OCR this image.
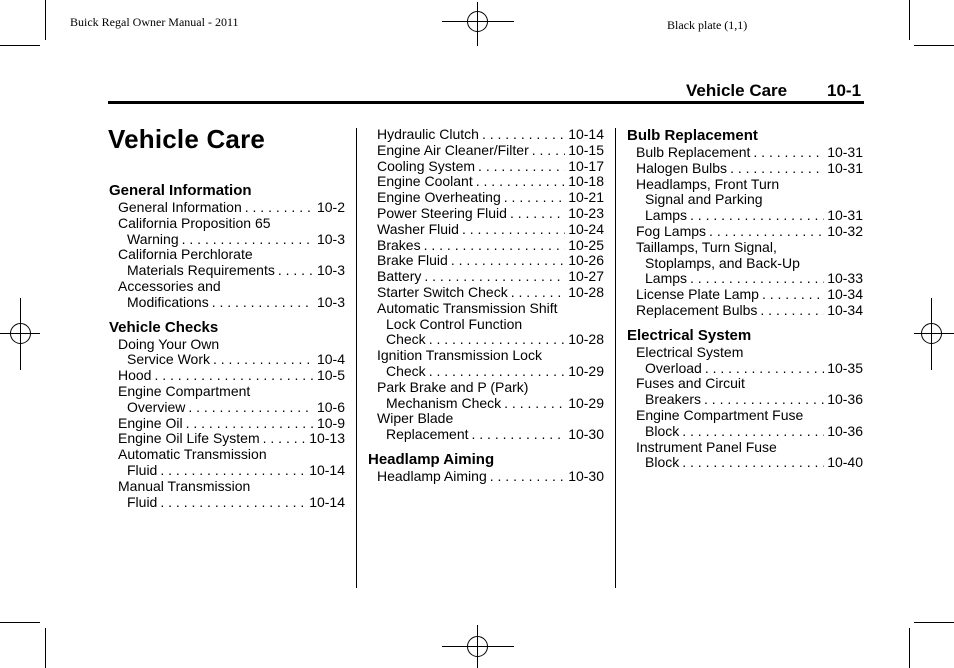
Buick Regal Owner Manual - 2011	Black plate (1,1)
Vehicle Care 10-1
Vehicle Care
General Information
General Information . . .	10-2
California Proposition 65
Warning . . .	10-3
California Perchlorate
Materials Requirements . . .	10-3
Accessories and
Modifications . . .	10-3
Vehicle Checks
Doing Your Own
Service Work . . .	10-4
Hood . . .	10-5
Engine Compartment
Overview . . .	10-6
Engine Oil . . .	10-9
Engine Oil Life System . . .	10-13
Automatic Transmission
Fluid . . .	10-14
Manual Transmission
Fluid . . .	10-14
Hydraulic Clutch . . .	10-14
Engine Air Cleaner/Filter . . .	10-15
Cooling System . . .	10-17
Engine Coolant . . .	10-18
Engine Overheating . . .	10-21
Power Steering Fluid . . .	10-23
Washer Fluid . . .	10-24
Brakes . . .	10-25
Brake Fluid . . .	10-26
Battery . . .	10-27
Starter Switch Check . . .	10-28
Automatic Transmission Shift
Lock Control Function
Check . . .	10-28
Ignition Transmission Lock
Check . . .	10-29
Park Brake and P (Park)
Mechanism Check . . .	10-29
Wiper Blade
Replacement . . .	10-30
Headlamp Aiming
Headlamp Aiming . . .	10-30
Bulb Replacement
Bulb Replacement . . .	10-31
Halogen Bulbs . . .	10-31
Headlamps, Front Turn
Signal and Parking
Lamps . . .	10-31
Fog Lamps . . .	10-32
Taillamps, Turn Signal,
Stoplamps, and Back-Up
Lamps . . .	10-33
License Plate Lamp . . .	10-34
Replacement Bulbs . . .	10-34
Electrical System
Electrical System
Overload . . .	10-35
Fuses and Circuit
Breakers . . .	10-36
Engine Compartment Fuse
Block . . .	10-36
Instrument Panel Fuse
Block . . .	10-40
